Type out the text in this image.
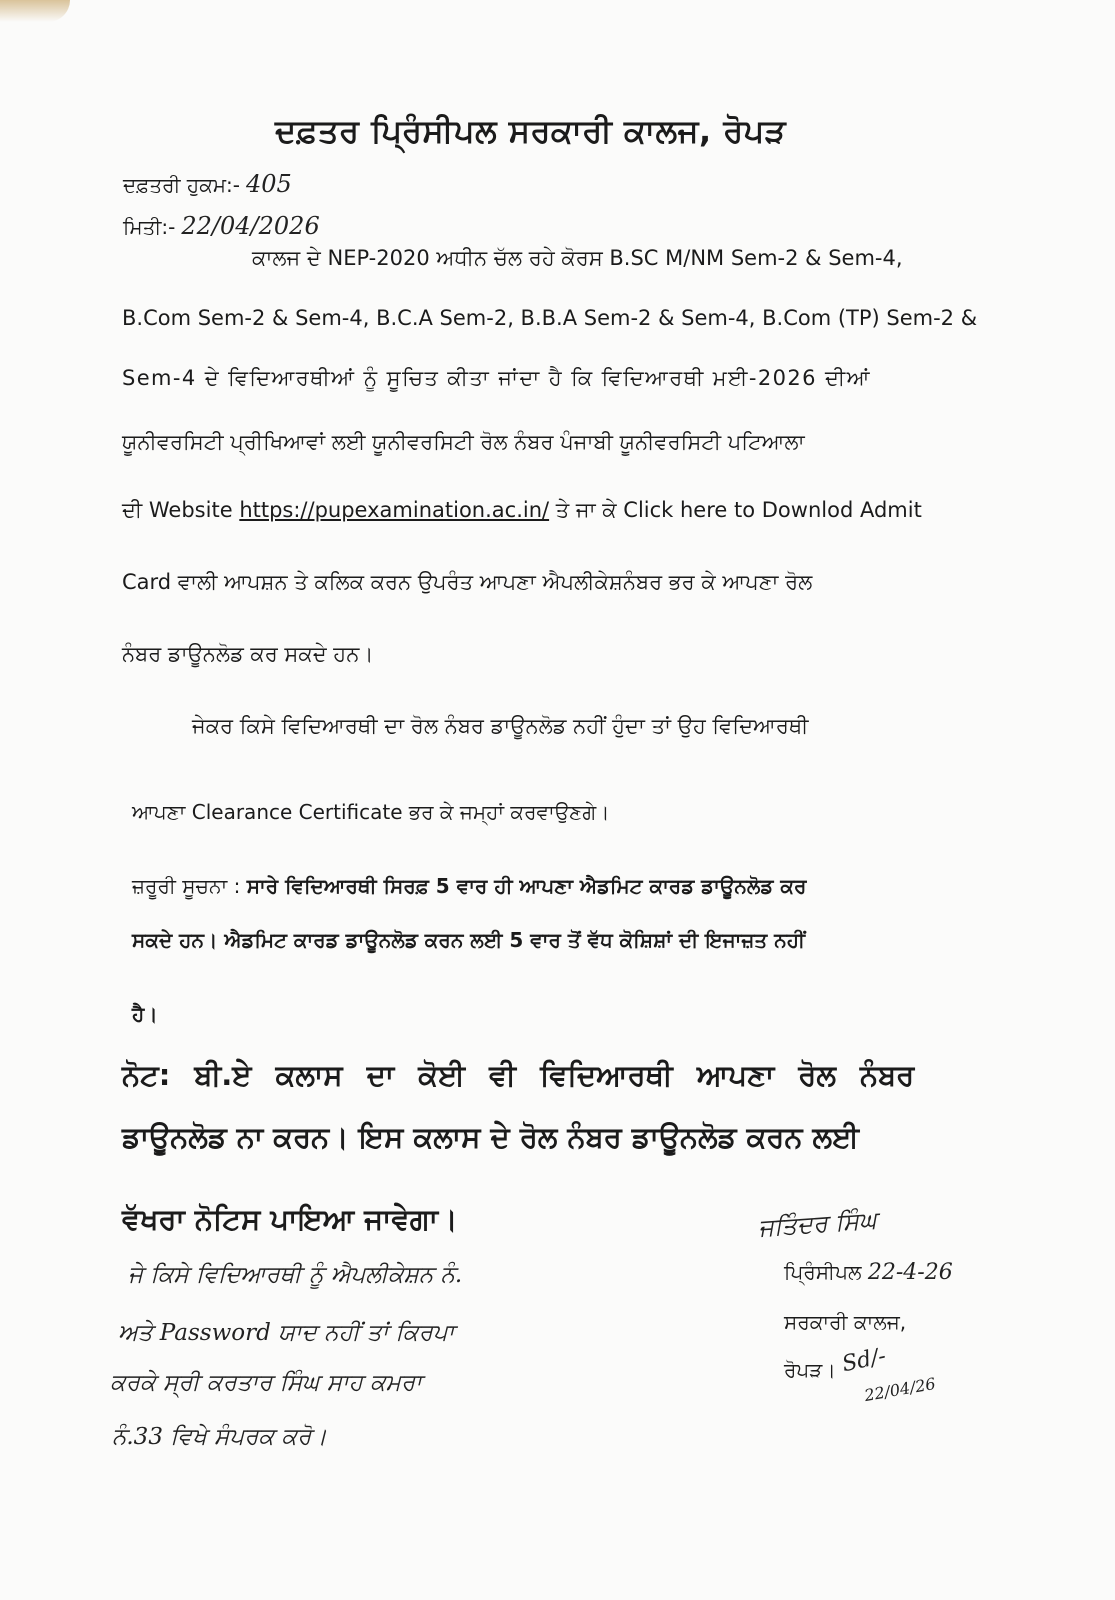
ਦਫ਼ਤਰ ਪ੍ਰਿੰਸੀਪਲ ਸਰਕਾਰੀ ਕਾਲਜ, ਰੋਪੜ
ਦਫ਼ਤਰੀ ਹੁਕਮ:- 405
ਮਿਤੀ:- 22/04/2026
ਕਾਲਜ ਦੇ NEP-2020 ਅਧੀਨ ਚੱਲ ਰਹੇ ਕੋਰਸ B.SC M/NM Sem-2 & Sem-4,
B.Com Sem-2 & Sem-4, B.C.A Sem-2, B.B.A Sem-2 & Sem-4, B.Com (TP) Sem-2 &
Sem-4 ਦੇ ਵਿਦਿਆਰਥੀਆਂ ਨੂੰ ਸੂਚਿਤ ਕੀਤਾ ਜਾਂਦਾ ਹੈ ਕਿ ਵਿਦਿਆਰਥੀ ਮਈ-2026 ਦੀਆਂ
ਯੂਨੀਵਰਸਿਟੀ ਪ੍ਰੀਖਿਆਵਾਂ ਲਈ ਯੂਨੀਵਰਸਿਟੀ ਰੋਲ ਨੰਬਰ ਪੰਜਾਬੀ ਯੂਨੀਵਰਸਿਟੀ ਪਟਿਆਲਾ
ਦੀ Website https://pupexamination.ac.in/ ਤੇ ਜਾ ਕੇ Click here to Downlod Admit
Card ਵਾਲੀ ਆਪਸ਼ਨ ਤੇ ਕਲਿਕ ਕਰਨ ਉਪਰੰਤ ਆਪਣਾ ਐਪਲੀਕੇਸ਼ਨੰਬਰ ਭਰ ਕੇ ਆਪਣਾ ਰੋਲ
ਨੰਬਰ ਡਾਊਨਲੋਡ ਕਰ ਸਕਦੇ ਹਨ।
ਜੇਕਰ ਕਿਸੇ ਵਿਦਿਆਰਥੀ ਦਾ ਰੋਲ ਨੰਬਰ ਡਾਊਨਲੋਡ ਨਹੀਂ ਹੁੰਦਾ ਤਾਂ ਉਹ ਵਿਦਿਆਰਥੀ
ਆਪਣਾ Clearance Certificate ਭਰ ਕੇ ਜਮ੍ਹਾਂ ਕਰਵਾਉਣਗੇ।
ਜ਼ਰੂਰੀ ਸੂਚਨਾ : ਸਾਰੇ ਵਿਦਿਆਰਥੀ ਸਿਰਫ਼ 5 ਵਾਰ ਹੀ ਆਪਣਾ ਐਡਮਿਟ ਕਾਰਡ ਡਾਊਨਲੋਡ ਕਰ
ਸਕਦੇ ਹਨ। ਐਡਮਿਟ ਕਾਰਡ ਡਾਊਨਲੋਡ ਕਰਨ ਲਈ 5 ਵਾਰ ਤੋਂ ਵੱਧ ਕੋਸ਼ਿਸ਼ਾਂ ਦੀ ਇਜਾਜ਼ਤ ਨਹੀਂ
ਹੈ।
ਨੋਟ: ਬੀ.ਏ ਕਲਾਸ ਦਾ ਕੋਈ ਵੀ ਵਿਦਿਆਰਥੀ ਆਪਣਾ ਰੋਲ ਨੰਬਰ
ਡਾਊਨਲੋਡ ਨਾ ਕਰਨ। ਇਸ ਕਲਾਸ ਦੇ ਰੋਲ ਨੰਬਰ ਡਾਊਨਲੋਡ ਕਰਨ ਲਈ
ਵੱਖਰਾ ਨੋਟਿਸ ਪਾਇਆ ਜਾਵੇਗਾ।
ਜੇ ਕਿਸੇ ਵਿਦਿਆਰਥੀ ਨੂੰ ਐਪਲੀਕੇਸ਼ਨ ਨੰ.
ਅਤੇ Password ਯਾਦ ਨਹੀਂ ਤਾਂ ਕਿਰਪਾ
ਕਰਕੇ ਸ੍ਰੀ ਕਰਤਾਰ ਸਿੰਘ ਸਾਹ ਕਮਰਾ
ਨੰ.33 ਵਿਖੇ ਸੰਪਰਕ ਕਰੋ।
ਜਤਿੰਦਰ ਸਿੰਘ
ਪ੍ਰਿੰਸੀਪਲ 22-4-26
ਸਰਕਾਰੀ ਕਾਲਜ,
ਰੋਪੜ। Sd/-
22/04/26
